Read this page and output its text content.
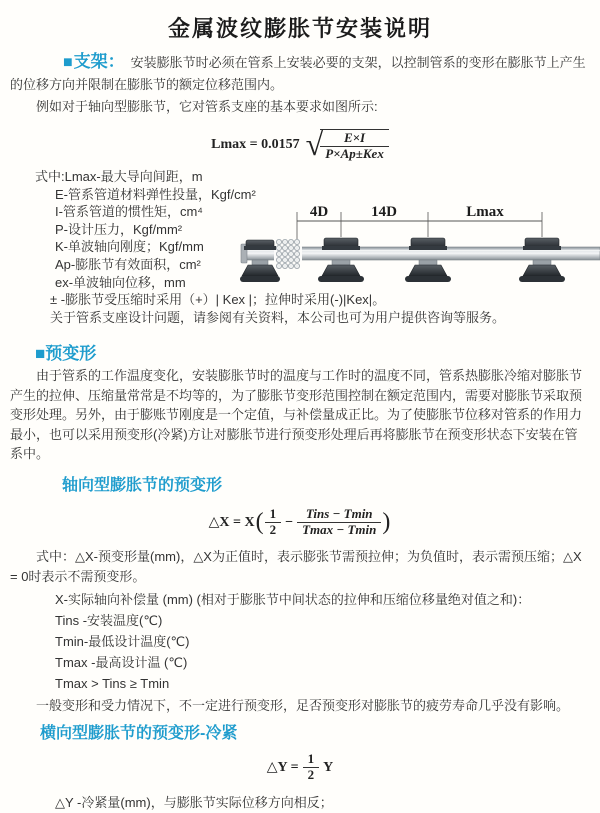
金属波纹膨胀节安装说明

■支架： 安装膨胀节时必须在管系上安装必要的支架，以控制管系的变形在膨胀节上产生的位移方向并限制在膨胀节的额定位移范围内。

例如对于轴向型膨胀节，它对管系支座的基本要求如图所示:

Lmax = 0.0157 √
$\frac{E\times I}{\text{P×Ap±Kex}}$
式中:Lmax-最大导向间距，m
E-管系管道材料弹性投量，Kgf/cm²
I-管系管道的惯性矩，cm⁴
P-设计压力，Kgf/mm²
K-单波轴向刚度；Kgf/mm
Ap-膨胀节有效面积，cm²
ex-单波轴向位移，mm
± -膨胀节受压缩时采用（+）| Kex |；拉伸时采用(-)|Kex|。
关于管系支座设计问题，请参阅有关资料，本公司也可为用户提供咨询等服务。
4D	14D	Lmax
■预变形

由于管系的工作温度变化，安装膨胀节时的温度与工作时的温度不同，管系热膨胀冷缩对膨胀节产生的拉伸、压缩量常常是不均等的，为了膨胀节变形范围控制在额定范围内，需要对膨胀节采取预变形处理。另外，由于膨账节刚度是一个定值，与补偿量成正比。为了使膨胀节位移对管系的作用力最小，也可以采用预变形(冷紧)方让对膨胀节进行预变形处理后再将膨胀节在预变形状态下安装在管系中。

轴向型膨胀节的预变形
△X = X ( $\frac{1}{2} - \frac{\text{Tins − Tmin}}{Tmax - Tmin}$ )

式中：△X-预变形量(mm)，△X为正值时，表示膨张节需预拉伸；为负值时，表示需预压缩；△X = 0时表示不需预变形。

X-实际轴向补偿量 (mm) (相对于膨胀节中间状态的拉伸和压缩位移量绝对值之和)：
Tins -安装温度(℃)
Tmin-最低设计温度(℃)
Tmax -最高设计温 (℃)
Tmax > Tins ≥ Tmin

一般变形和受力情况下，不一定进行预变形，足否预变形对膨胀节的疲劳寿命几乎没有影响。

横向型膨胀节的预变形-冷紧
△Y = $\frac{1}{2}$ Y
△Y -冷紧量(mm)，与膨胀节实际位移方向相反；
